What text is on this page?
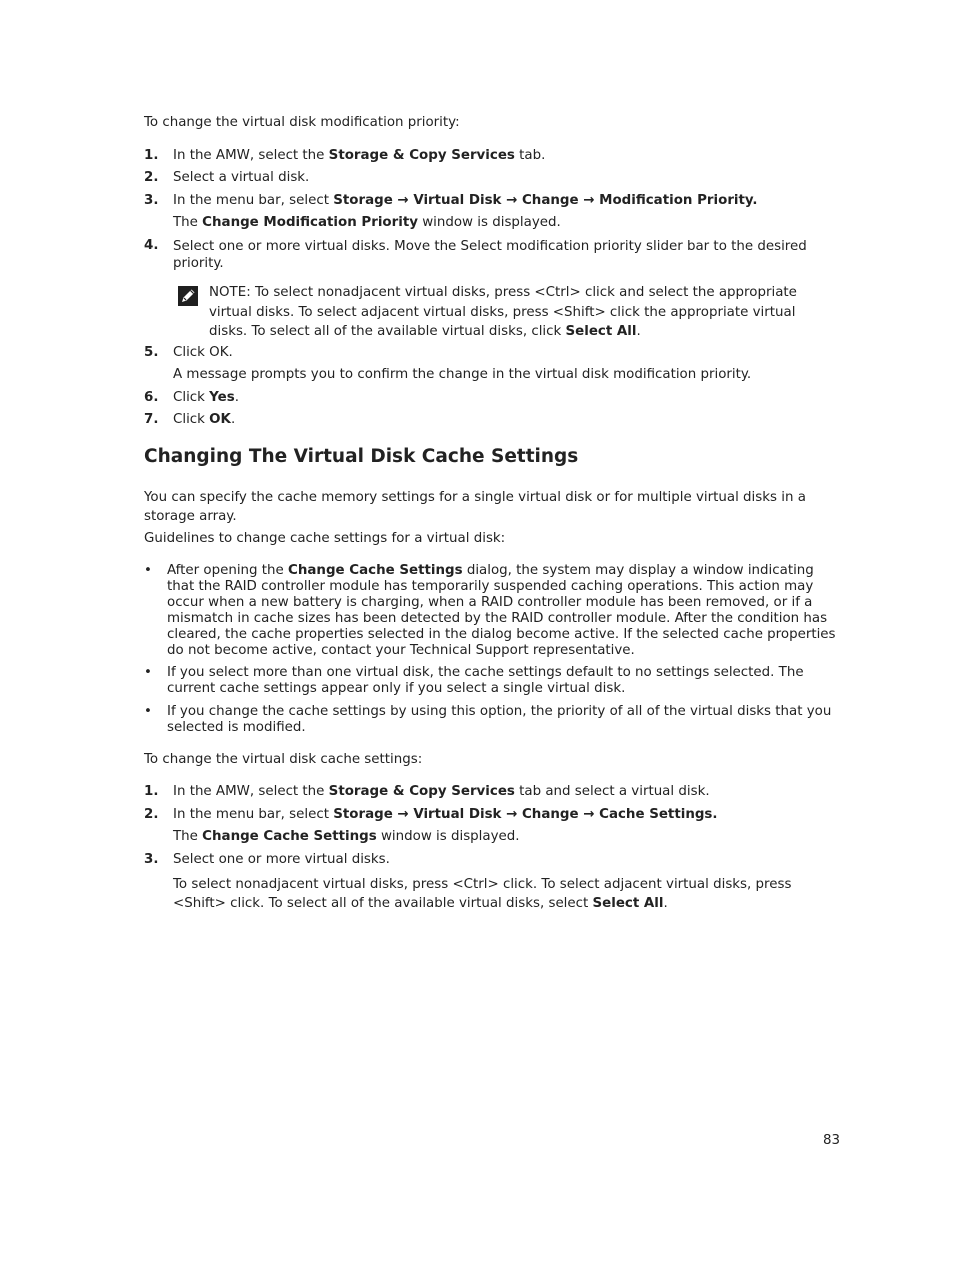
To change the virtual disk modification priority:

1. In the AMW, select the Storage & Copy Services tab.
2. Select a virtual disk.
3. In the menu bar, select Storage → Virtual Disk → Change → Modification Priority.
The Change Modification Priority window is displayed.
4. Select one or more virtual disks. Move the Select modification priority slider bar to the desired priority.
NOTE: To select nonadjacent virtual disks, press <Ctrl> click and select the appropriate virtual disks. To select adjacent virtual disks, press <Shift> click the appropriate virtual disks. To select all of the available virtual disks, click Select All.
5. Click OK.
A message prompts you to confirm the change in the virtual disk modification priority.
6. Click Yes.
7. Click OK.
Changing The Virtual Disk Cache Settings

You can specify the cache memory settings for a single virtual disk or for multiple virtual disks in a storage array.

Guidelines to change cache settings for a virtual disk:

• After opening the Change Cache Settings dialog, the system may display a window indicating that the RAID controller module has temporarily suspended caching operations. This action may occur when a new battery is charging, when a RAID controller module has been removed, or if a mismatch in cache sizes has been detected by the RAID controller module. After the condition has cleared, the cache properties selected in the dialog become active. If the selected cache properties do not become active, contact your Technical Support representative.
• If you select more than one virtual disk, the cache settings default to no settings selected. The current cache settings appear only if you select a single virtual disk.
• If you change the cache settings by using this option, the priority of all of the virtual disks that you selected is modified.

To change the virtual disk cache settings:

1. In the AMW, select the Storage & Copy Services tab and select a virtual disk.
2. In the menu bar, select Storage → Virtual Disk → Change → Cache Settings.
The Change Cache Settings window is displayed.
3. Select one or more virtual disks.
To select nonadjacent virtual disks, press <Ctrl> click. To select adjacent virtual disks, press <Shift> click. To select all of the available virtual disks, select Select All.
83
